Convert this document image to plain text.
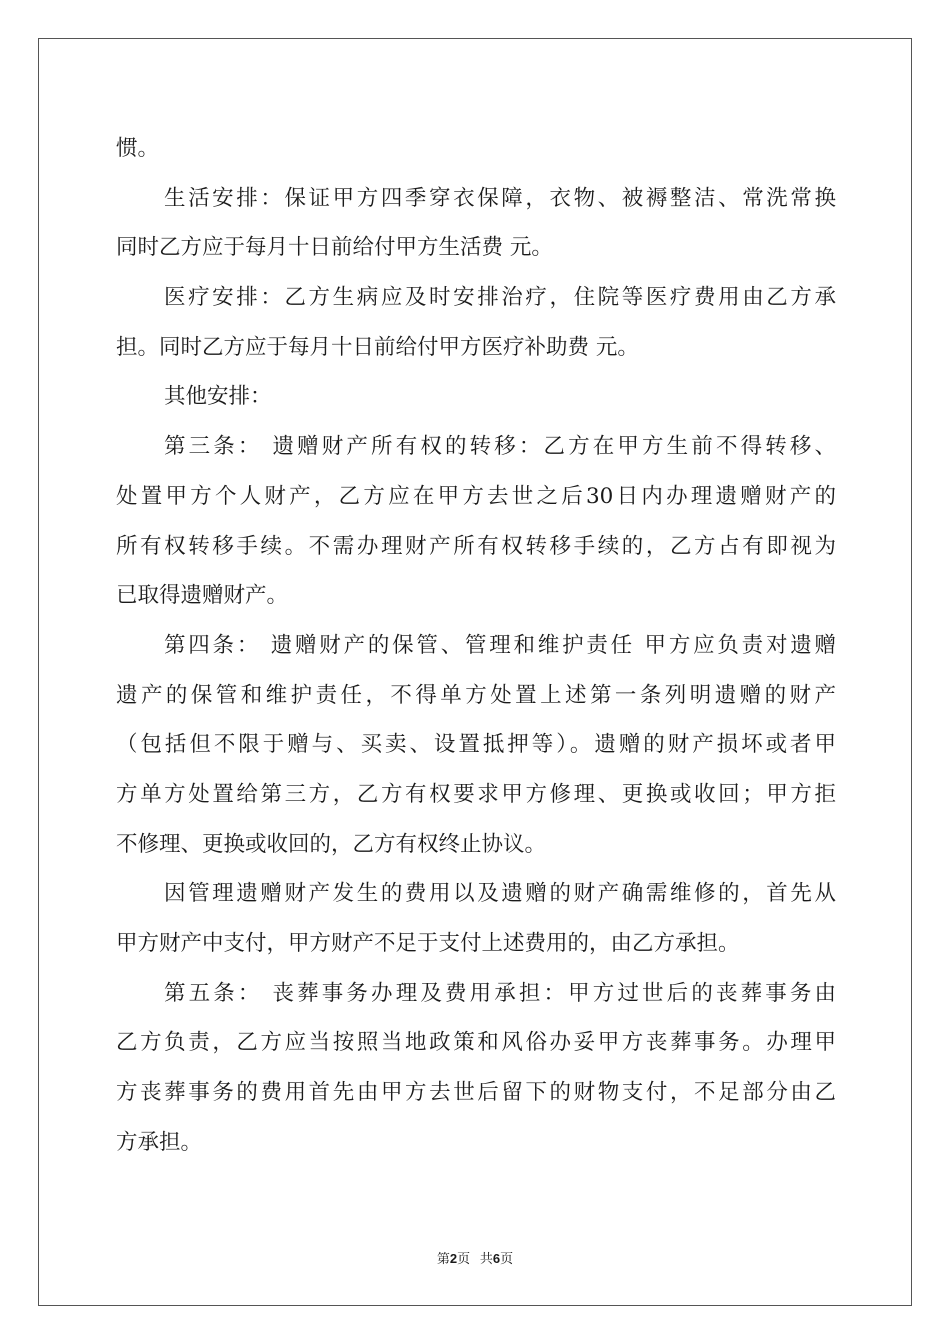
惯。
生活安排：保证甲方四季穿衣保障，衣物、被褥整洁、常洗常换
同时乙方应于每月十日前给付甲方生活费 元。
医疗安排：乙方生病应及时安排治疗，住院等医疗费用由乙方承
担。同时乙方应于每月十日前给付甲方医疗补助费 元。
其他安排：
第三条： 遗赠财产所有权的转移：乙方在甲方生前不得转移、
处置甲方个人财产，乙方应在甲方去世之后30日内办理遗赠财产的
所有权转移手续。不需办理财产所有权转移手续的，乙方占有即视为
已取得遗赠财产。
第四条： 遗赠财产的保管、管理和维护责任 甲方应负责对遗赠
遗产的保管和维护责任，不得单方处置上述第一条列明遗赠的财产
（包括但不限于赠与、买卖、设置抵押等）。遗赠的财产损坏或者甲
方单方处置给第三方，乙方有权要求甲方修理、更换或收回；甲方拒
不修理、更换或收回的，乙方有权终止协议。
因管理遗赠财产发生的费用以及遗赠的财产确需维修的，首先从
甲方财产中支付，甲方财产不足于支付上述费用的，由乙方承担。
第五条： 丧葬事务办理及费用承担：甲方过世后的丧葬事务由
乙方负责，乙方应当按照当地政策和风俗办妥甲方丧葬事务。办理甲
方丧葬事务的费用首先由甲方去世后留下的财物支付，不足部分由乙
方承担。
第2页 共6页
